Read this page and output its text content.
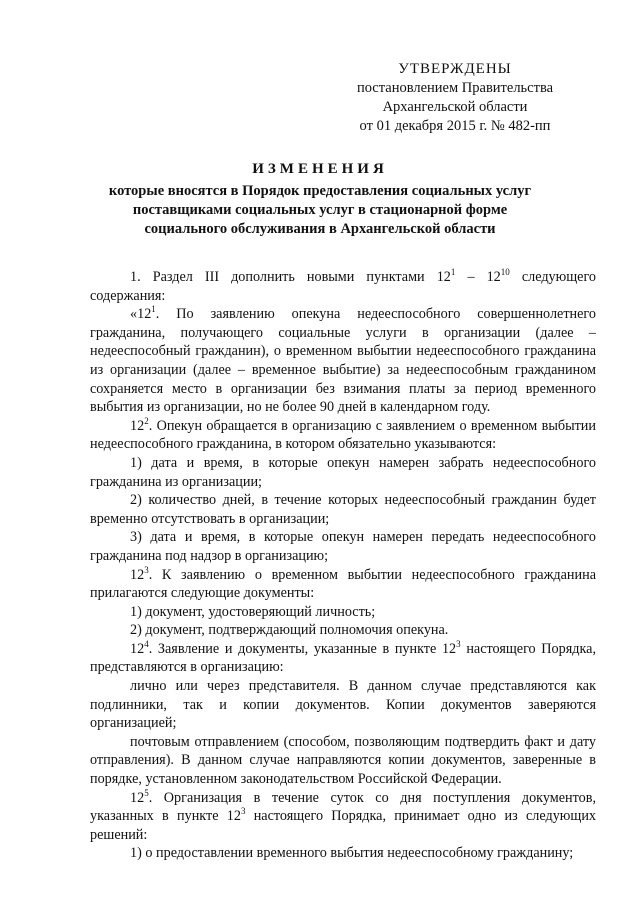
УТВЕРЖДЕНЫ
постановлением Правительства
Архангельской области
от 01 декабря 2015 г. № 482-пп
ИЗМЕНЕНИЯ
которые вносятся в Порядок предоставления социальных услуг
поставщиками социальных услуг в стационарной форме
социального обслуживания в Архангельской области

1. Раздел III дополнить новыми пунктами $12^1 - 12^{10}$ следующего содержания:

«$12^1$. По заявлению опекуна недееспособного совершеннолетнего гражданина, получающего социальные услуги в организации (далее – недееспособный гражданин), о временном выбытии недееспособного гражданина из организации (далее – временное выбытие) за недееспособным гражданином сохраняется место в организации без взимания платы за период временного выбытия из организации, но не более 90 дней в календарном году.

$12^2$. Опекун обращается в организацию с заявлением о временном выбытии недееспособного гражданина, в котором обязательно указываются:

1) дата и время, в которые опекун намерен забрать недееспособного гражданина из организации;

2) количество дней, в течение которых недееспособный гражданин будет временно отсутствовать в организации;

3) дата и время, в которые опекун намерен передать недееспособного гражданина под надзор в организацию;

$12^3$. К заявлению о временном выбытии недееспособного гражданина прилагаются следующие документы:

1) документ, удостоверяющий личность;

2) документ, подтверждающий полномочия опекуна.

$12^4$. Заявление и документы, указанные в пункте $12^3$ настоящего Порядка, представляются в организацию:

лично или через представителя. В данном случае представляются как подлинники, так и копии документов. Копии документов заверяются организацией;

почтовым отправлением (способом, позволяющим подтвердить факт и дату отправления). В данном случае направляются копии документов, заверенные в порядке, установленном законодательством Российской Федерации.

$12^5$. Организация в течение суток со дня поступления документов, указанных в пункте $12^3$ настоящего Порядка, принимает одно из следующих решений:

1) о предоставлении временного выбытия недееспособному гражданину;
